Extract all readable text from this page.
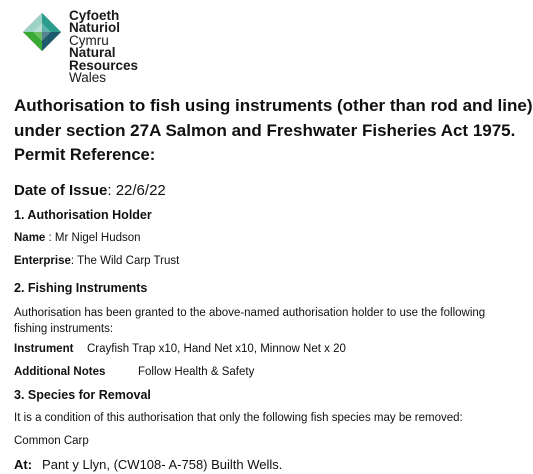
Cyfoeth
Naturiol
Cymru
Natural
Resources
Wales
Authorisation to fish using instruments (other than rod and line)
under section 27A Salmon and Freshwater Fisheries Act 1975.
Permit Reference:
Date of Issue: 22/6/22
1. Authorisation Holder
Name : Mr Nigel Hudson
Enterprise: The Wild Carp Trust
2. Fishing Instruments
Authorisation has been granted to the above-named authorisation holder to use the following
fishing instruments:
Instrument Crayfish Trap x10, Hand Net x10, Minnow Net x 20
Additional Notes	Follow Health & Safety
3. Species for Removal
It is a condition of this authorisation that only the following fish species may be removed:
Common Carp
At: Pant y Llyn, (CW108- A-758) Builth Wells.
